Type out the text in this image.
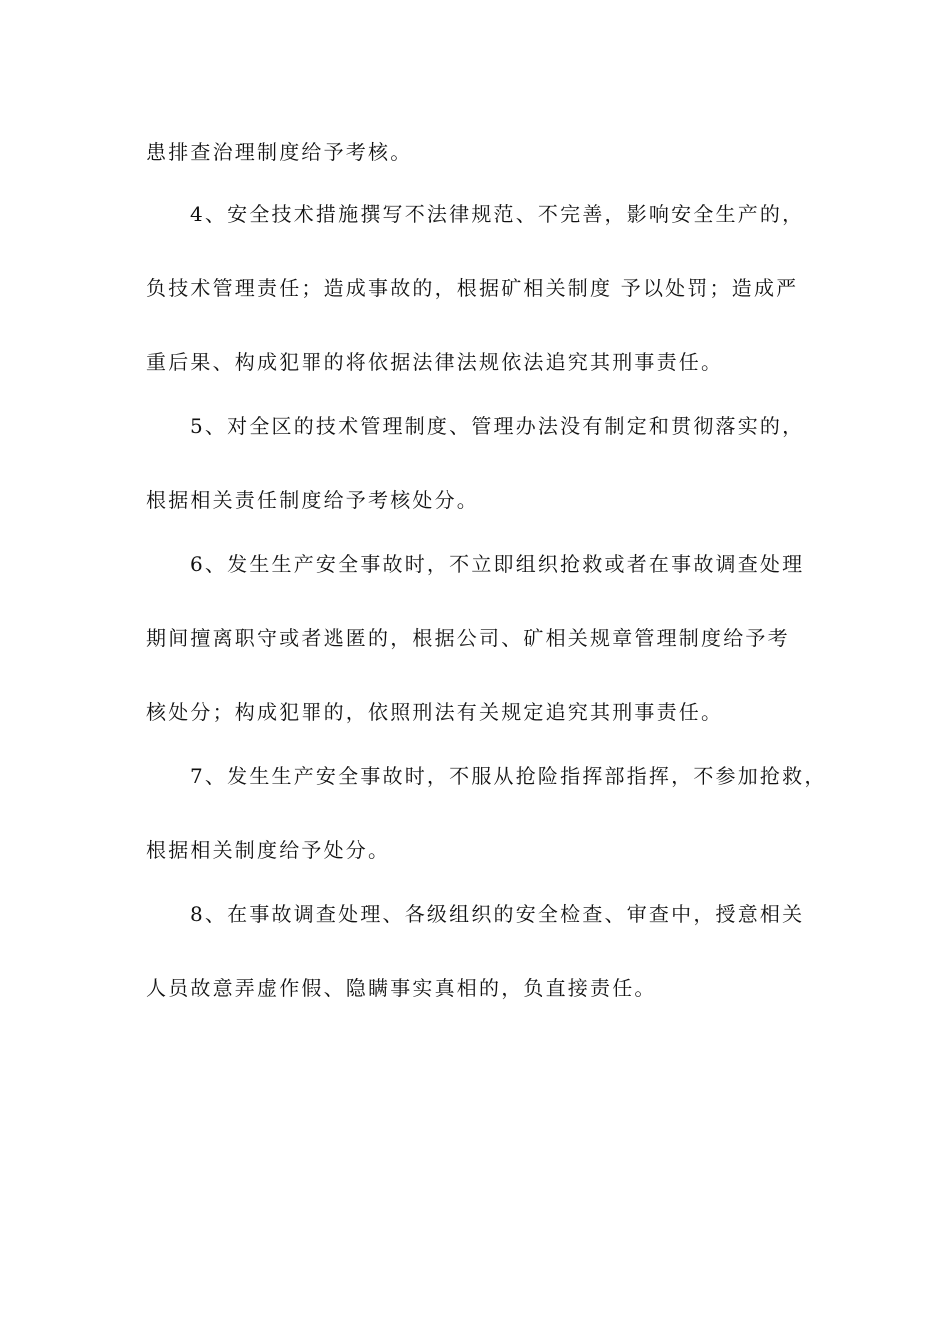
患排查治理制度给予考核。
4、安全技术措施撰写不法律规范、不完善，影响安全生产的，
负技术管理责任；造成事故的，根据矿相关制度 予以处罚；造成严
重后果、构成犯罪的将依据法律法规依法追究其刑事责任。
5、对全区的技术管理制度、管理办法没有制定和贯彻落实的，
根据相关责任制度给予考核处分。
6、发生生产安全事故时，不立即组织抢救或者在事故调查处理
期间擅离职守或者逃匿的，根据公司、矿相关规章管理制度给予考
核处分；构成犯罪的，依照刑法有关规定追究其刑事责任。
7、发生生产安全事故时，不服从抢险指挥部指挥，不参加抢救，
根据相关制度给予处分。
8、在事故调查处理、各级组织的安全检查、审查中，授意相关
人员故意弄虚作假、隐瞒事实真相的，负直接责任。
